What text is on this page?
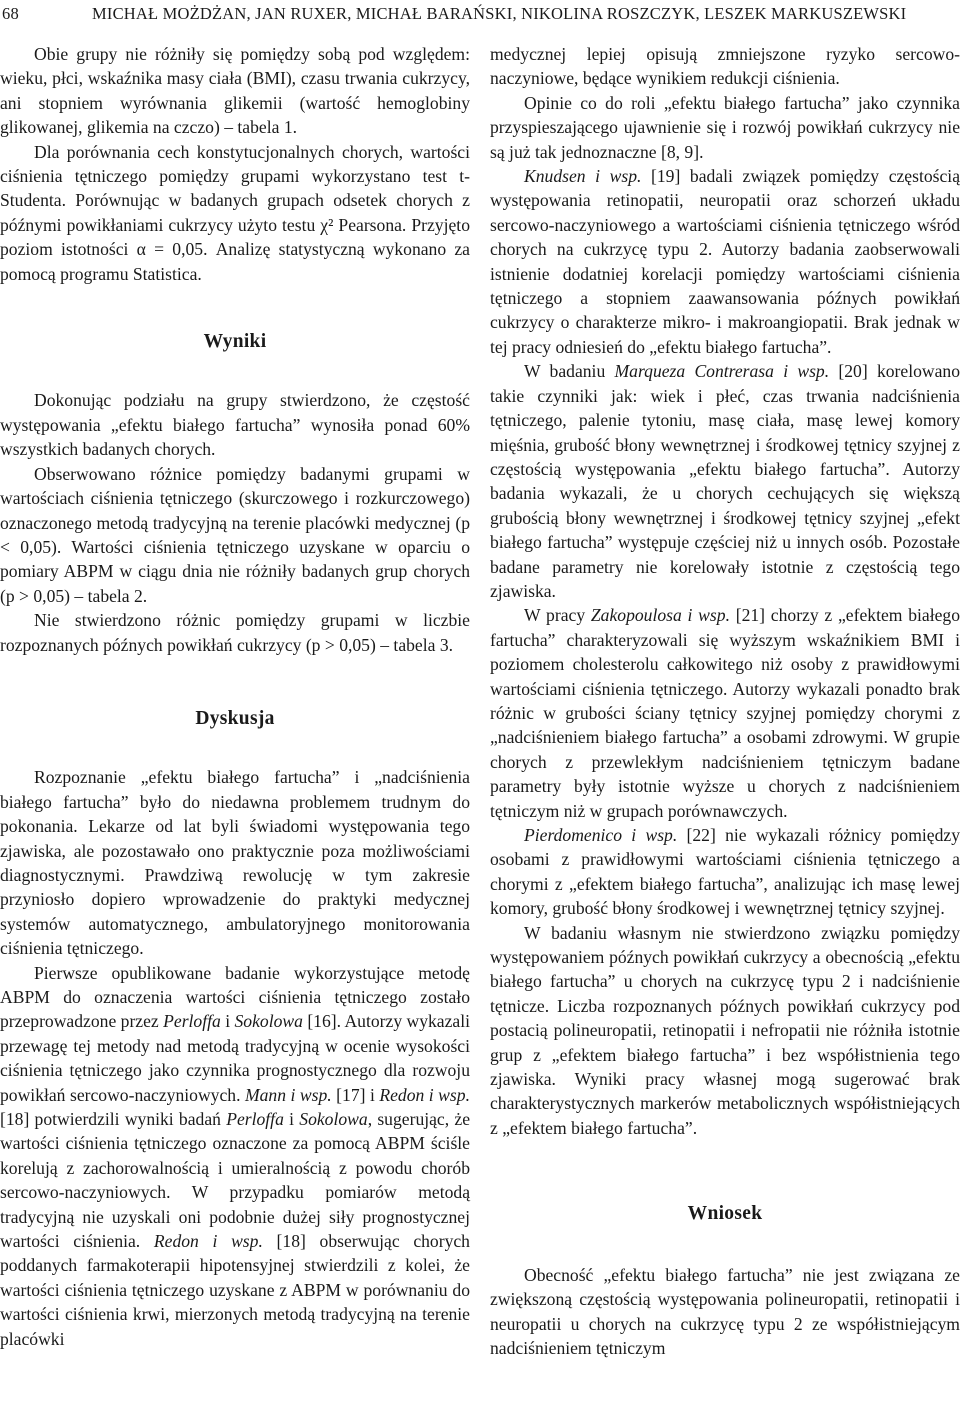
68	MICHAŁ MOŻDŻAN, JAN RUXER, MICHAŁ BARAŃSKI, NIKOLINA ROSZCZYK, LESZEK MARKUSZEWSKI

Obie grupy nie różniły się pomiędzy sobą pod względem: wieku, płci, wskaźnika masy ciała (BMI), czasu trwania cukrzycy, ani stopniem wyrównania glikemii (wartość hemoglobiny glikowanej, glikemia na czczo) – tabela 1.

Dla porównania cech konstytucjonalnych chorych, wartości ciśnienia tętniczego pomiędzy grupami wykorzystano test t-Studenta. Porównując w badanych grupach odsetek chorych z późnymi powikłaniami cukrzycy użyto testu χ² Pearsona. Przyjęto poziom istotności α = 0,05. Analizę statystyczną wykonano za pomocą programu Statistica.

Wyniki

Dokonując podziału na grupy stwierdzono, że częstość występowania „efektu białego fartucha” wynosiła ponad 60% wszystkich badanych chorych.

Obserwowano różnice pomiędzy badanymi grupami w wartościach ciśnienia tętniczego (skurczowego i rozkurczowego) oznaczonego metodą tradycyjną na terenie placówki medycznej (p < 0,05). Wartości ciśnienia tętniczego uzyskane w oparciu o pomiary ABPM w ciągu dnia nie różniły badanych grup chorych (p > 0,05) – tabela 2.

Nie stwierdzono różnic pomiędzy grupami w liczbie rozpoznanych późnych powikłań cukrzycy (p > 0,05) – tabela 3.

Dyskusja

Rozpoznanie „efektu białego fartucha” i „nadciśnienia białego fartucha” było do niedawna problemem trudnym do pokonania. Lekarze od lat byli świadomi występowania tego zjawiska, ale pozostawało ono praktycznie poza możliwościami diagnostycznymi. Prawdziwą rewolucję w tym zakresie przyniosło dopiero wprowadzenie do praktyki medycznej systemów automatycznego, ambulatoryjnego monitorowania ciśnienia tętniczego.

Pierwsze opublikowane badanie wykorzystujące metodę ABPM do oznaczenia wartości ciśnienia tętniczego zostało przeprowadzone przez Perloffa i Sokolowa [16]. Autorzy wykazali przewagę tej metody nad metodą tradycyjną w ocenie wysokości ciśnienia tętniczego jako czynnika prognostycznego dla rozwoju powikłań sercowo-naczyniowych. Mann i wsp. [17] i Redon i wsp. [18] potwierdzili wyniki badań Perloffa i Sokolowa, sugerując, że wartości ciśnienia tętniczego oznaczone za pomocą ABPM ściśle korelują z zachorowalnością i umieralnością z powodu chorób sercowo-naczyniowych. W przypadku pomiarów metodą tradycyjną nie uzyskali oni podobnie dużej siły prognostycznej wartości ciśnienia. Redon i wsp. [18] obserwując chorych poddanych farmakoterapii hipotensyjnej stwierdzili z kolei, że wartości ciśnienia tętniczego uzyskane z ABPM w porównaniu do wartości ciśnienia krwi, mierzonych metodą tradycyjną na terenie placówki

medycznej lepiej opisują zmniejszone ryzyko sercowo-naczyniowe, będące wynikiem redukcji ciśnienia.

Opinie co do roli „efektu białego fartucha” jako czynnika przyspieszającego ujawnienie się i rozwój powikłań cukrzycy nie są już tak jednoznaczne [8, 9].

Knudsen i wsp. [19] badali związek pomiędzy częstością występowania retinopatii, neuropatii oraz schorzeń układu sercowo-naczyniowego a wartościami ciśnienia tętniczego wśród chorych na cukrzycę typu 2. Autorzy badania zaobserwowali istnienie dodatniej korelacji pomiędzy wartościami ciśnienia tętniczego a stopniem zaawansowania późnych powikłań cukrzycy o charakterze mikro- i makroangiopatii. Brak jednak w tej pracy odniesień do „efektu białego fartucha”.

W badaniu Marqueza Contrerasa i wsp. [20] korelowano takie czynniki jak: wiek i płeć, czas trwania nadciśnienia tętniczego, palenie tytoniu, masę ciała, masę lewej komory mięśnia, grubość błony wewnętrznej i środkowej tętnicy szyjnej z częstością występowania „efektu białego fartucha”. Autorzy badania wykazali, że u chorych cechujących się większą grubością błony wewnętrznej i środkowej tętnicy szyjnej „efekt białego fartucha” występuje częściej niż u innych osób. Pozostałe badane parametry nie korelowały istotnie z częstością tego zjawiska.

W pracy Zakopoulosa i wsp. [21] chorzy z „efektem białego fartucha” charakteryzowali się wyższym wskaźnikiem BMI i poziomem cholesterolu całkowitego niż osoby z prawidłowymi wartościami ciśnienia tętniczego. Autorzy wykazali ponadto brak różnic w grubości ściany tętnicy szyjnej pomiędzy chorymi z „nadciśnieniem białego fartucha” a osobami zdrowymi. W grupie chorych z przewlekłym nadciśnieniem tętniczym badane parametry były istotnie wyższe u chorych z nadciśnieniem tętniczym niż w grupach porównawczych.

Pierdomenico i wsp. [22] nie wykazali różnicy pomiędzy osobami z prawidłowymi wartościami ciśnienia tętniczego a chorymi z „efektem białego fartucha”, analizując ich masę lewej komory, grubość błony środkowej i wewnętrznej tętnicy szyjnej.

W badaniu własnym nie stwierdzono związku pomiędzy występowaniem późnych powikłań cukrzycy a obecnością „efektu białego fartucha” u chorych na cukrzycę typu 2 i nadciśnienie tętnicze. Liczba rozpoznanych późnych powikłań cukrzycy pod postacią polineuropatii, retinopatii i nefropatii nie różniła istotnie grup z „efektem białego fartucha” i bez współistnienia tego zjawiska. Wyniki pracy własnej mogą sugerować brak charakterystycznych markerów metabolicznych współistniejących z „efektem białego fartucha”.

Wniosek

Obecność „efektu białego fartucha” nie jest związana ze zwiększoną częstością występowania polineuropatii, retinopatii i neuropatii u chorych na cukrzycę typu 2 ze współistniejącym nadciśnieniem tętniczym
